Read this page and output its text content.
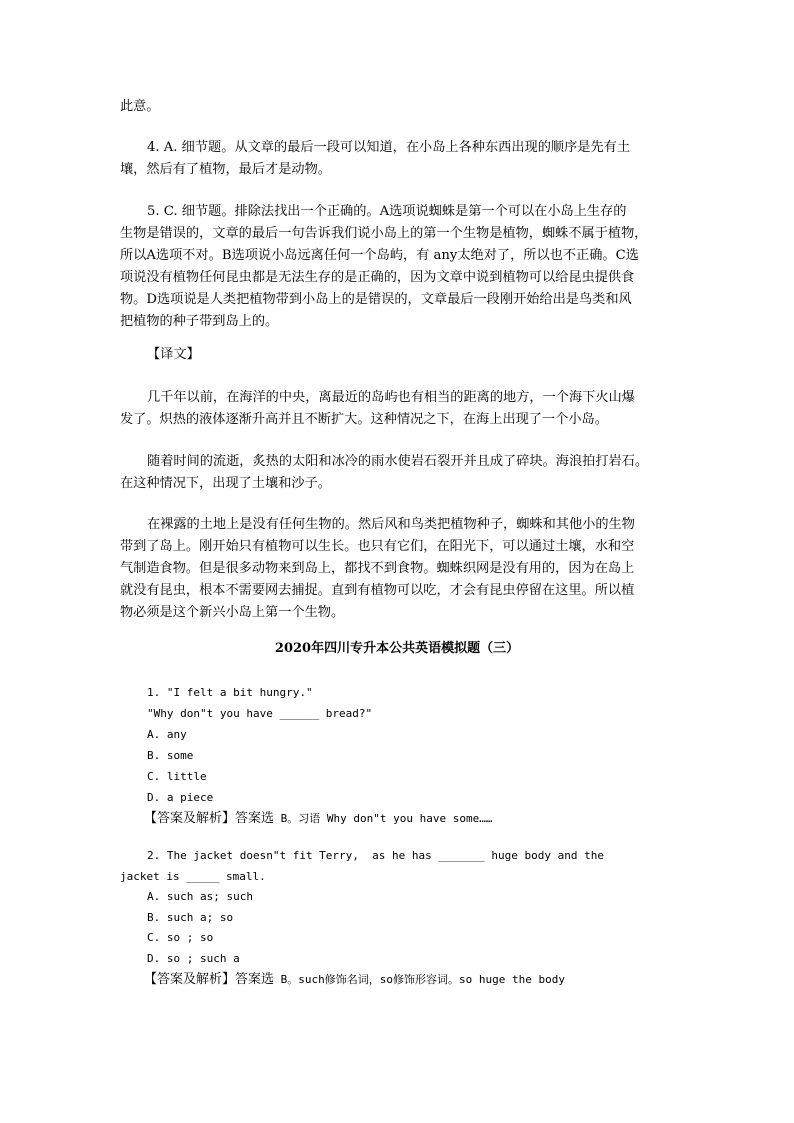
此意。
4. A. 细节题。从文章的最后一段可以知道，在小岛上各种东西出现的顺序是先有土
壤，然后有了植物，最后才是动物。
5. C. 细节题。排除法找出一个正确的。A选项说蜘蛛是第一个可以在小岛上生存的
生物是错误的，文章的最后一句告诉我们说小岛上的第一个生物是植物，蜘蛛不属于植物，
所以A选项不对。B选项说小岛远离任何一个岛屿，有 any太绝对了，所以也不正确。C选
项说没有植物任何昆虫都是无法生存的是正确的，因为文章中说到植物可以给昆虫提供食
物。D选项说是人类把植物带到小岛上的是错误的，文章最后一段刚开始给出是鸟类和风
把植物的种子带到岛上的。
【译文】
几千年以前，在海洋的中央，离最近的岛屿也有相当的距离的地方，一个海下火山爆
发了。炽热的液体逐渐升高并且不断扩大。这种情况之下，在海上出现了一个小岛。
随着时间的流逝，炙热的太阳和冰冷的雨水使岩石裂开并且成了碎块。海浪拍打岩石。
在这种情况下，出现了土壤和沙子。
在裸露的土地上是没有任何生物的。然后风和鸟类把植物种子，蜘蛛和其他小的生物
带到了岛上。刚开始只有植物可以生长。也只有它们，在阳光下，可以通过土壤，水和空
气制造食物。但是很多动物来到岛上，都找不到食物。蜘蛛织网是没有用的，因为在岛上
就没有昆虫，根本不需要网去捕捉。直到有植物可以吃，才会有昆虫停留在这里。所以植
物必须是这个新兴小岛上第一个生物。
2020年四川专升本公共英语模拟题（三）
1. "I felt a bit hungry."
"Why don"t you have ______ bread?"
A. any
B. some
C. little
D. a piece
【答案及解析】答案选 B。习语 Why don"t you have some……
2. The jacket doesn"t fit Terry,  as he has _______ huge body and the
jacket is _____ small.
A. such as; such
B. such a; so
C. so ; so
D. so ; such a
【答案及解析】答案选 B。such修饰名词，so修饰形容词。so huge the body
